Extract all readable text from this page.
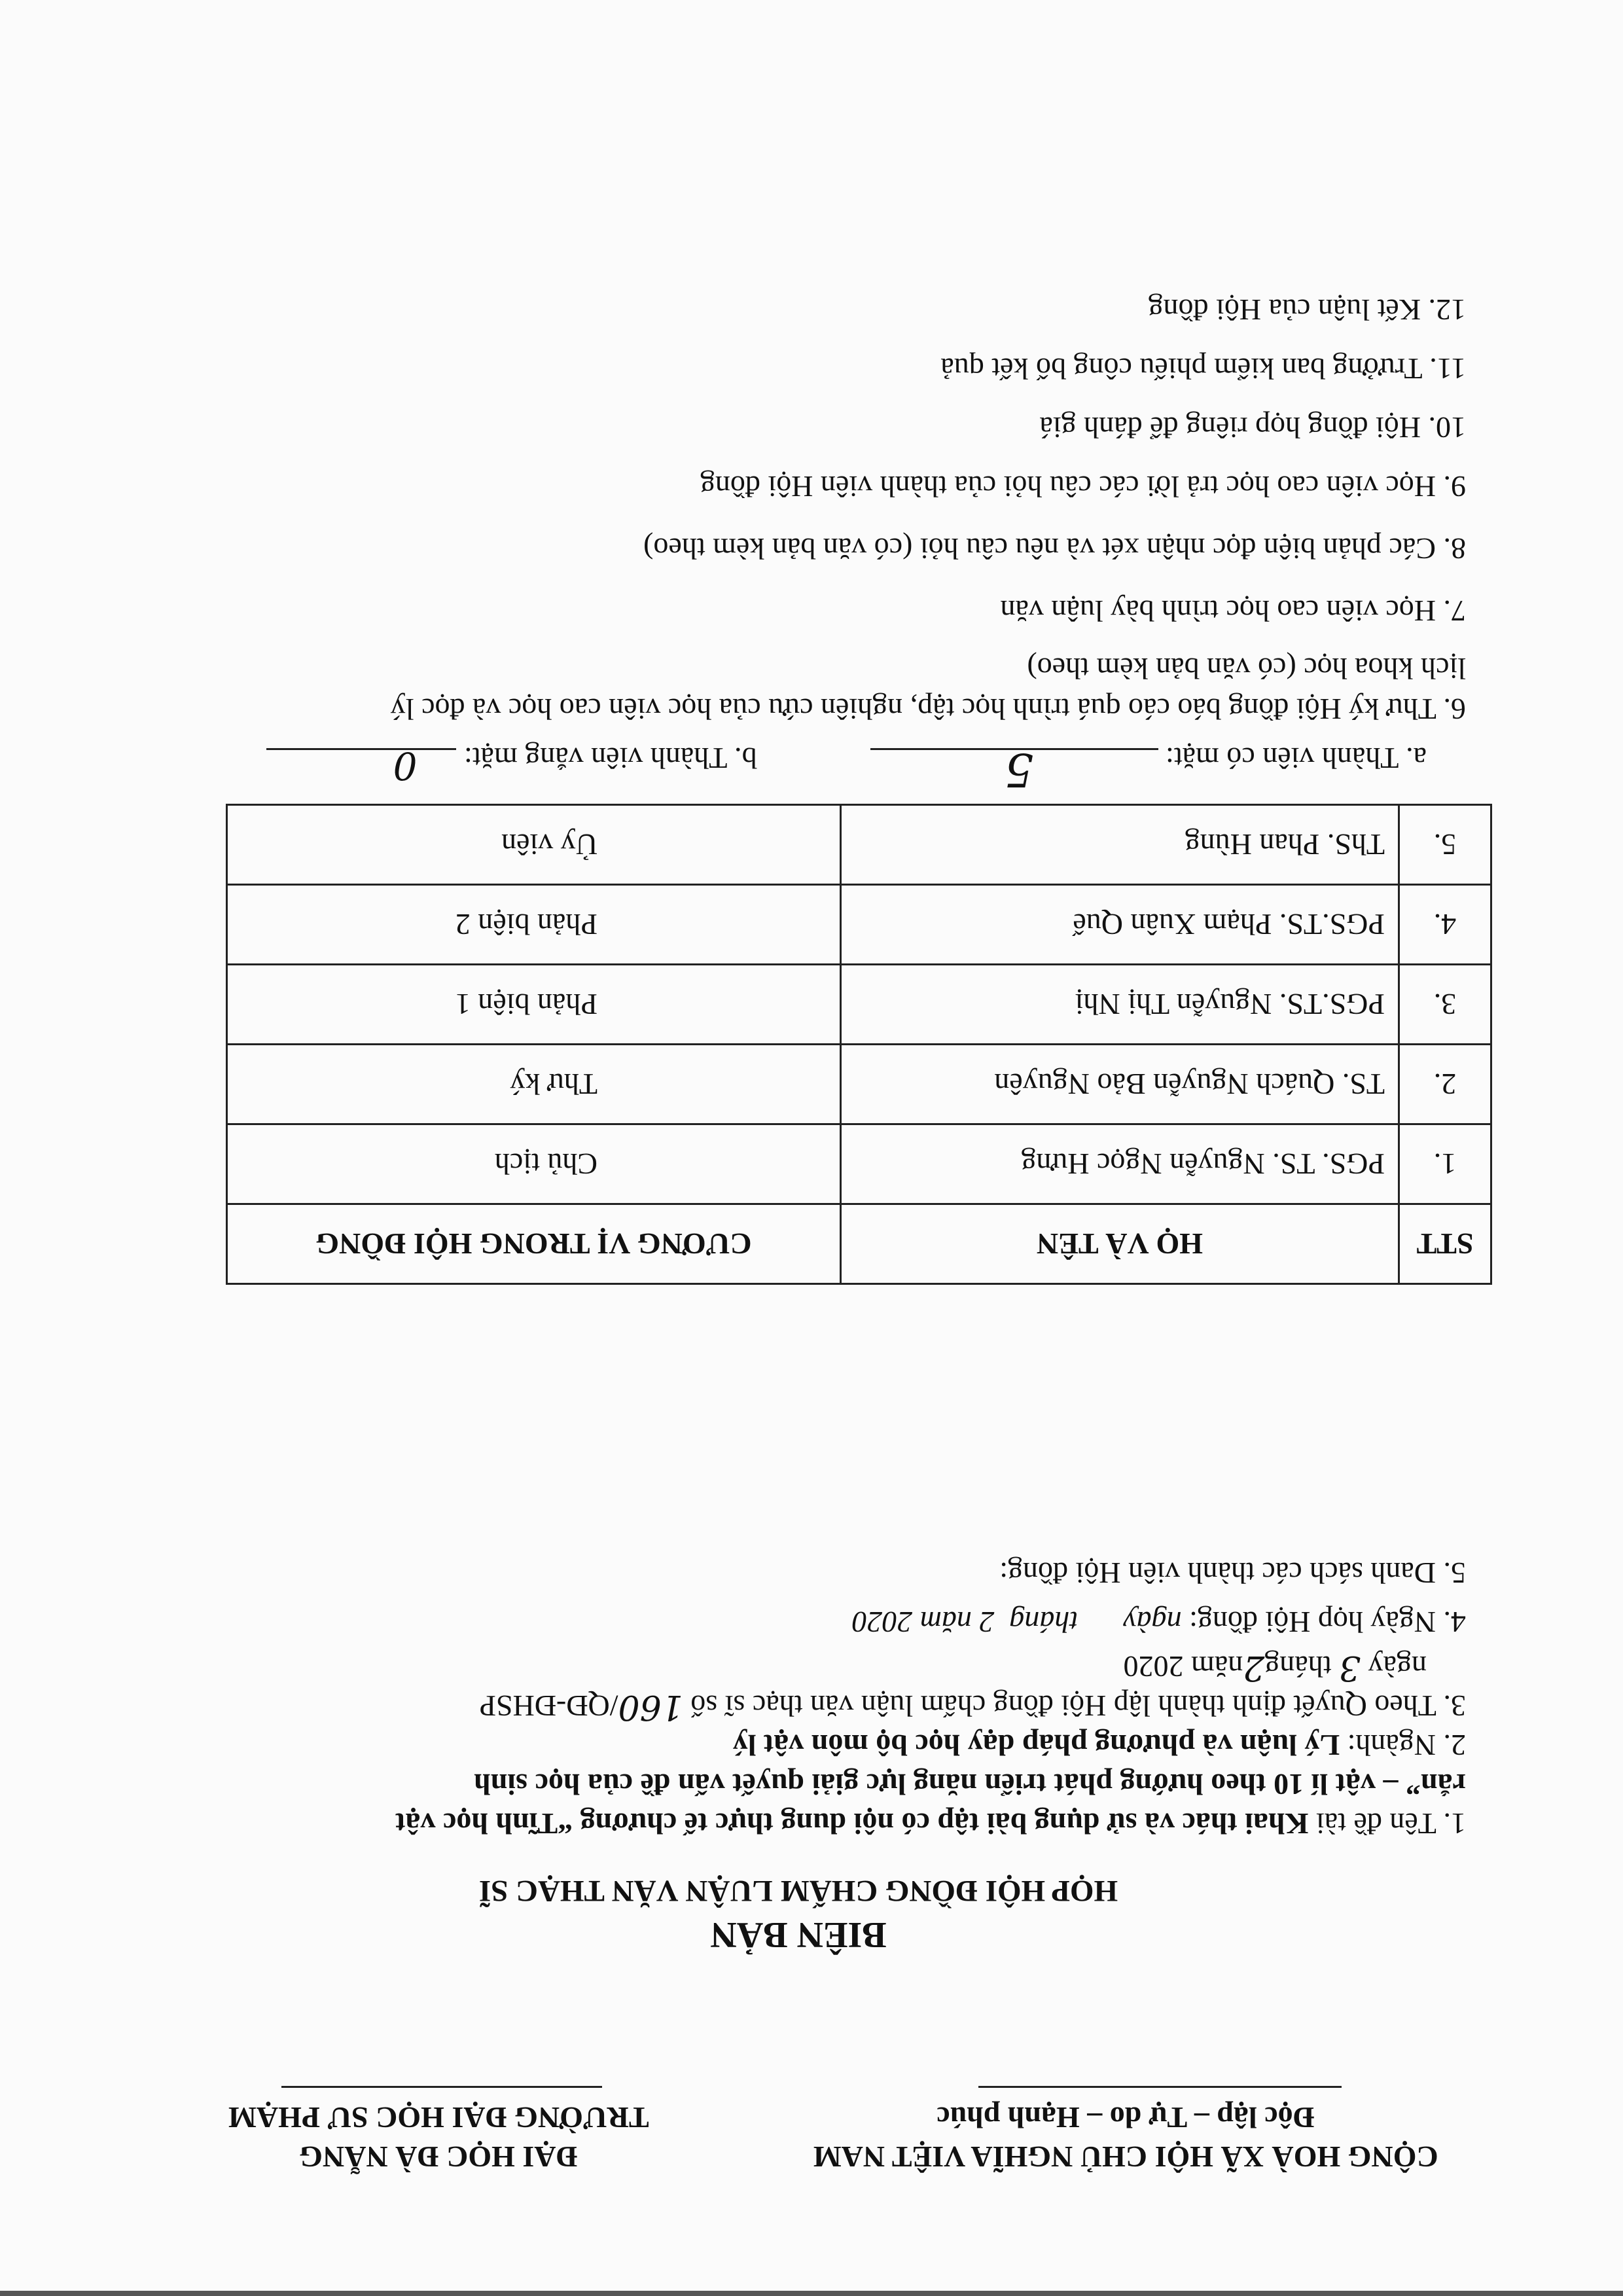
ĐẠI HỌC ĐÀ NẴNG
TRƯỜNG ĐẠI HỌC SƯ PHẠM
CỘNG HOÀ XÃ HỘI CHỦ NGHĨA VIỆT NAM
Độc lập – Tự do – Hạnh phúc
BIÊN BẢN
HỌP HỘI ĐỒNG CHẤM LUẬN VĂN THẠC SĨ
1. Tên đề tài Khai thác và sử dụng bài tập có nội dung thực tế chương “Tĩnh học vật
rắn” – vật lí 10 theo hướng phát triển năng lực giải quyết vấn đề của học sinh
2. Ngành: Lý luận và phương pháp dạy học bộ môn vật lý
3. Theo Quyết định thành lập Hội đồng chấm luận văn thạc sĩ số 160/QĐ-ĐHSP
ngày 3 tháng2năm 2020
4. Ngày họp Hội đồng: ngày      tháng  2 năm 2020
5. Danh sách các thành viên Hội đồng:
STT	HỌ VÀ TÊN	CƯƠNG VỊ TRONG HỘI ĐỒNG
1.	PGS. TS. Nguyễn Ngọc Hưng	Chủ tịch
2.	TS. Quách Nguyễn Bảo Nguyên	Thư ký
3.	PGS.TS. Nguyễn Thị Nhị	Phản biện 1
4.	PGS.TS. Phạm Xuân Quế	Phản biện 2
5.	ThS. Phan Hùng	Ủy viên
a. Thành viên có mặt:
5
b. Thành viên vắng mặt:
0
6. Thư ký Hội đồng báo cáo quá trình học tập, nghiên cứu của học viên cao học và đọc lý
lịch khoa học (có văn bản kèm theo)
7. Học viên cao học trình bày luận văn
8. Các phản biện đọc nhận xét và nêu câu hỏi (có văn bản kèm theo)
9. Học viên cao học trả lời các câu hỏi của thành viên Hội đồng
10. Hội đồng họp riêng để đánh giá
11. Trưởng ban kiểm phiếu công bố kết quả
12. Kết luận của Hội đồng
